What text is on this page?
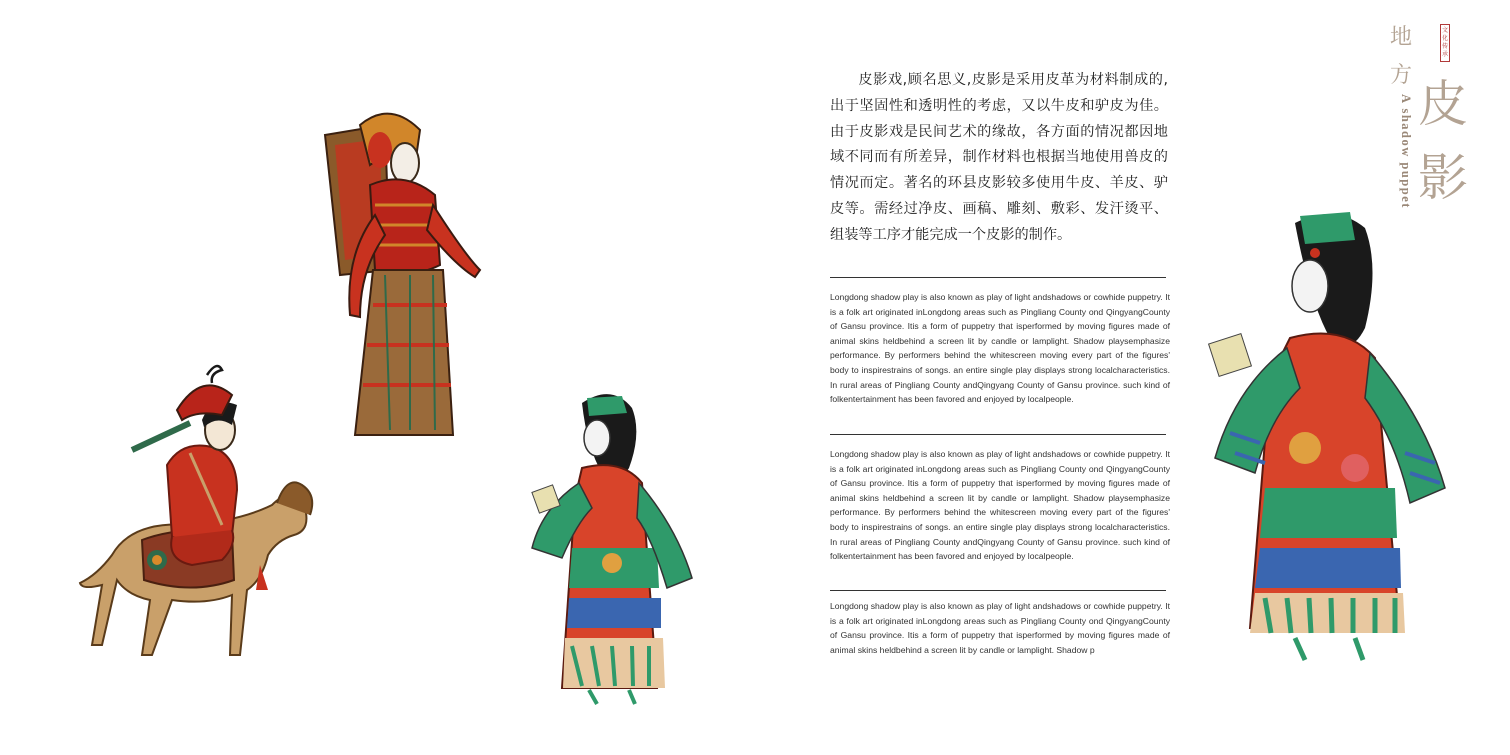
皮影戏,顾名思义,皮影是采用皮革为材料制成的,出于坚固性和透明性的考虑，又以牛皮和驴皮为佳。由于皮影戏是民间艺术的缘故，各方面的情况都因地域不同而有所差异，制作材料也根据当地使用兽皮的情况而定。著名的环县皮影较多使用牛皮、羊皮、驴皮等。需经过净皮、画稿、雕刻、敷彩、发汗烫平、组装等工序才能完成一个皮影的制作。

Longdong shadow play is also known as play of light andshadows or cowhide puppetry. It is a folk art originated inLongdong areas such as Pingliang County ond QingyangCounty of Gansu province. Itis a form of puppetry that isperformed by moving figures made of animal skins heldbehind a screen lit by candle or lamplight. Shadow playsemphasize performance. By performers behind the whitescreen moving every part of the figures' body to inspirestrains of songs. an entire single play displays strong localcharacteristics. In rural areas of Pingliang County andQingyang County of Gansu province. such kind of folkentertainment has been favored and enjoyed by localpeople.

Longdong shadow play is also known as play of light andshadows or cowhide puppetry. It is a folk art originated inLongdong areas such as Pingliang County ond QingyangCounty of Gansu province. Itis a form of puppetry that isperformed by moving figures made of animal skins heldbehind a screen lit by candle or lamplight. Shadow playsemphasize performance. By performers behind the whitescreen moving every part of the figures' body to inspirestrains of songs. an entire single play displays strong localcharacteristics. In rural areas of Pingliang County andQingyang County of Gansu province. such kind of folkentertainment has been favored and enjoyed by localpeople.

Longdong shadow play is also known as play of light andshadows or cowhide puppetry. It is a folk art originated inLongdong areas such as Pingliang County ond QingyangCounty of Gansu province. Itis a form of puppetry that isperformed by moving figures made of animal skins heldbehind a screen lit by candle or lamplight. Shadow p

地
方 皮
影
A shadow puppet
文化传承
